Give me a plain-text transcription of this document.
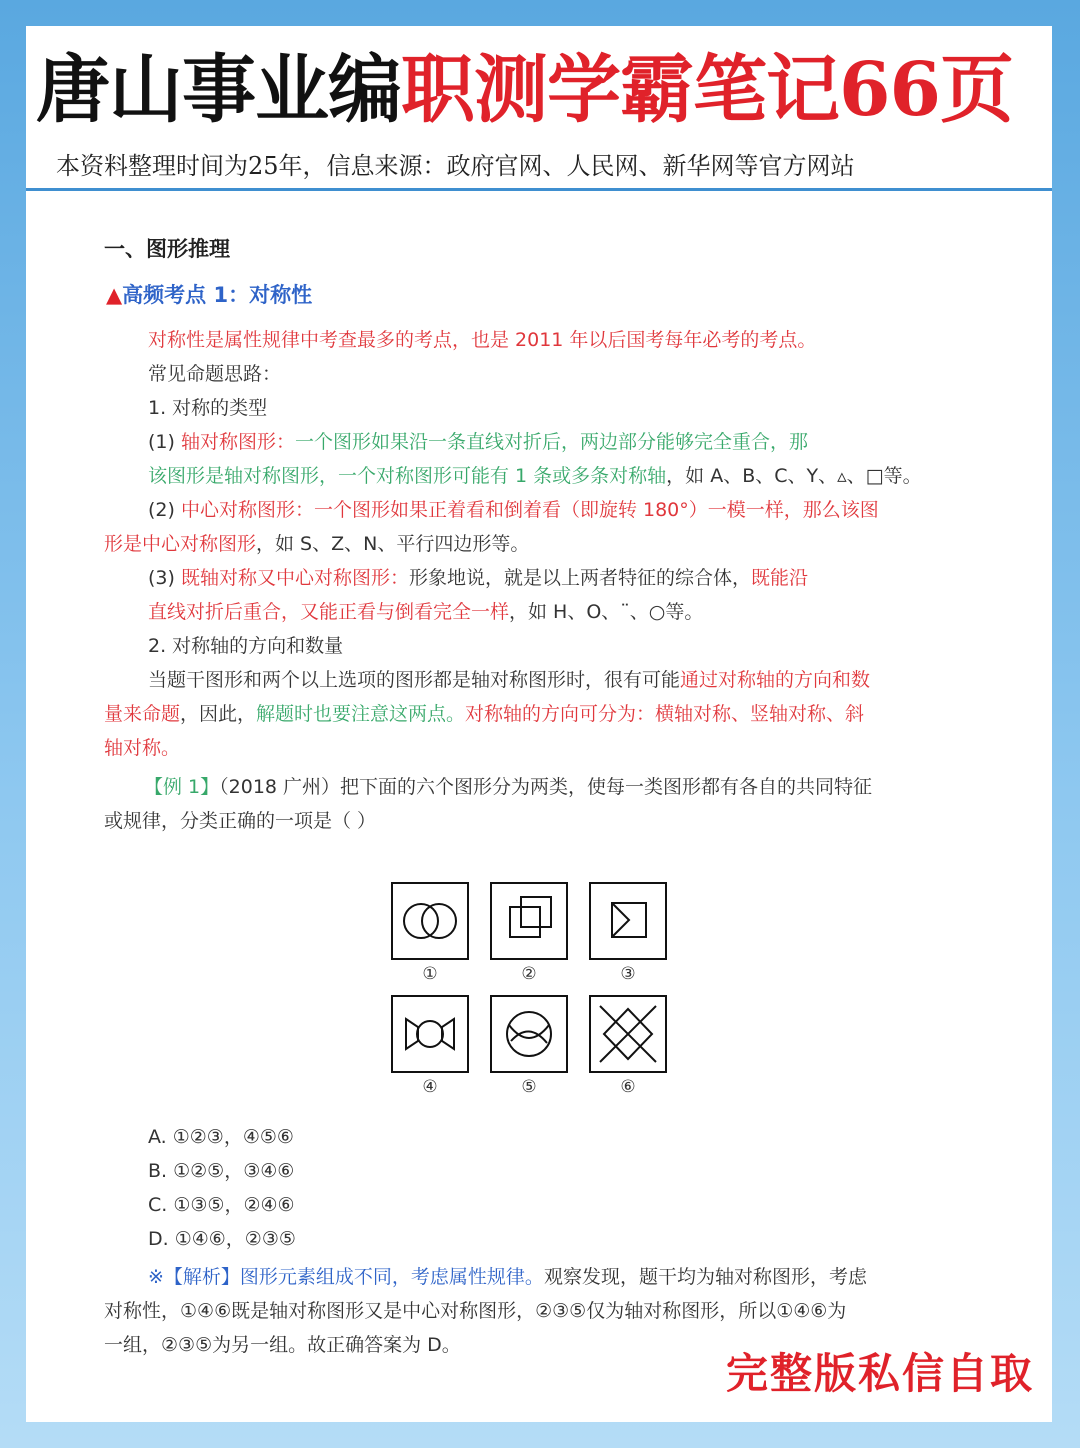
唐山事业编职测学霸笔记66页
本资料整理时间为25年，信息来源：政府官网、人民网、新华网等官方网站
一、图形推理
▲高频考点 1：对称性
对称性是属性规律中考查最多的考点，也是 2011 年以后国考每年必考的考点。
常见命题思路：
1. 对称的类型
(1) 轴对称图形：一个图形如果沿一条直线对折后，两边部分能够完全重合，那
该图形是轴对称图形，一个对称图形可能有 1 条或多条对称轴，如 A、B、C、Y、▵、□等。
(2) 中心对称图形：一个图形如果正着看和倒着看（即旋转 180°）一模一样，那么该图
形是中心对称图形，如 S、Z、N、平行四边形等。
(3) 既轴对称又中心对称图形：形象地说，就是以上两者特征的综合体，既能沿
直线对折后重合，又能正看与倒看完全一样，如 H、O、¨、○等。
2. 对称轴的方向和数量
当题干图形和两个以上选项的图形都是轴对称图形时，很有可能通过对称轴的方向和数
量来命题，因此，解题时也要注意这两点。对称轴的方向可分为：横轴对称、竖轴对称、斜
轴对称。
【例 1】（2018 广州）把下面的六个图形分为两类，使每一类图形都有各自的共同特征
或规律，分类正确的一项是（ ）
①	②	③
④	⑤	⑥
A. ①②③，④⑤⑥
B. ①②⑤，③④⑥
C. ①③⑤，②④⑥
D. ①④⑥，②③⑤
※【解析】图形元素组成不同，考虑属性规律。观察发现，题干均为轴对称图形，考虑
对称性，①④⑥既是轴对称图形又是中心对称图形，②③⑤仅为轴对称图形，所以①④⑥为
一组，②③⑤为另一组。故正确答案为 D。
完整版私信自取
